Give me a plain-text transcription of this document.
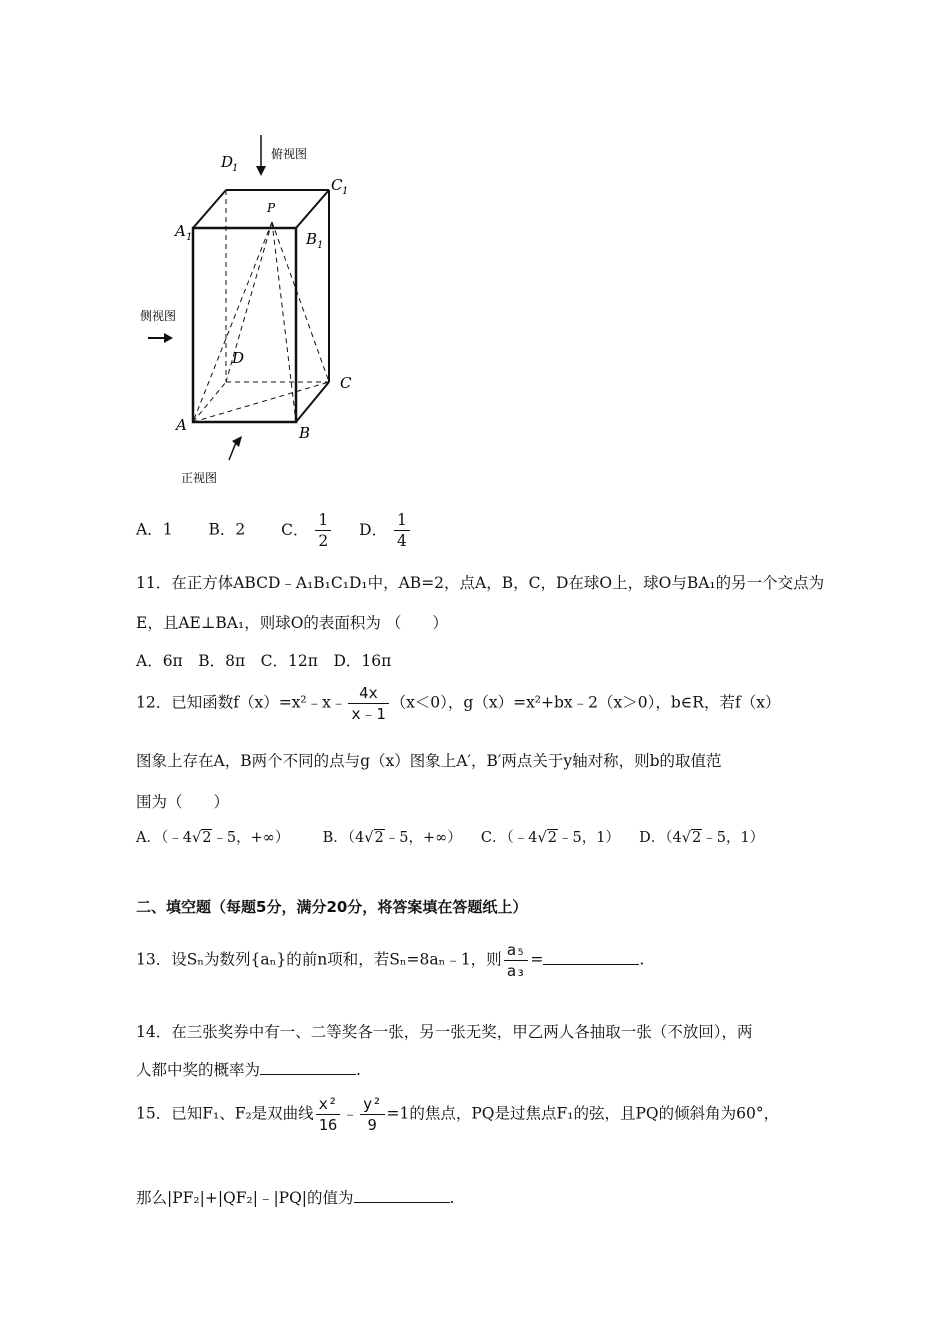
D
1
C 1
P
A 1	B 1
D
C
A	B
俯视图
侧视图
正视图
A．1 B．2 C． $\frac{1}{2}$ D． $\frac{1}{4}$
11．在正方体ABCD﹣A₁B₁C₁D₁中，AB=2，点A，B，C，D在球O上，球O与BA₁的另一个交点为
E，且AE⊥BA₁，则球O的表面积为 （　　）
A．6π　B．8π　C．12π　D．16π
12．已知函数f（x）=x²﹣x﹣ $\frac{4x}{x﹣1} (x<0)$，g（x）=x²+bx﹣2（x＞0），b∈R，若f（x）
图象上存在A，B两个不同的点与g（x）图象上A′，B′两点关于y轴对称，则b的取值范
围为（　　）
A．（﹣4√2﹣5，+∞） B．（4√2﹣5，+∞） C．（﹣4√2﹣5，1） D．（4√2﹣5，1）
二、填空题（每题5分，满分20分，将答案填在答题纸上）
13．设Sₙ为数列{aₙ}的前n项和，若Sₙ=8aₙ﹣1，则 $\frac{\text{a₅}}{\text{a₃}}$ =	.
14．在三张奖券中有一、二等奖各一张，另一张无奖，甲乙两人各抽取一张（不放回），两
人都中奖的概率为	.
15．已知F₁、F₂是双曲线 $\frac{\text{x²}}{16}$ ﹣ $\frac{\text{y²}}{9} =1$的焦点，PQ是过焦点F₁的弦，且PQ的倾斜角为60°，
那么|PF₂|+|QF₂|﹣|PQ|的值为	.
